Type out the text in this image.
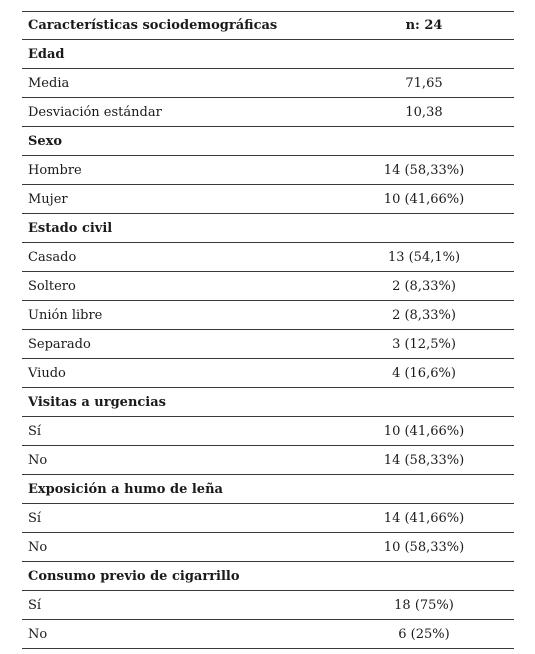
Características sociodemográficas	n: 24
Edad
Media	71,65
Desviación estándar	10,38
Sexo
Hombre	14 (58,33%)
Mujer	10 (41,66%)
Estado civil
Casado	13 (54,1%)
Soltero	2 (8,33%)
Unión libre	2 (8,33%)
Separado	3 (12,5%)
Viudo	4 (16,6%)
Visitas a urgencias
Sí	10 (41,66%)
No	14 (58,33%)
Exposición a humo de leña
Sí	14 (41,66%)
No	10 (58,33%)
Consumo previo de cigarrillo
Sí	18 (75%)
No	6 (25%)
